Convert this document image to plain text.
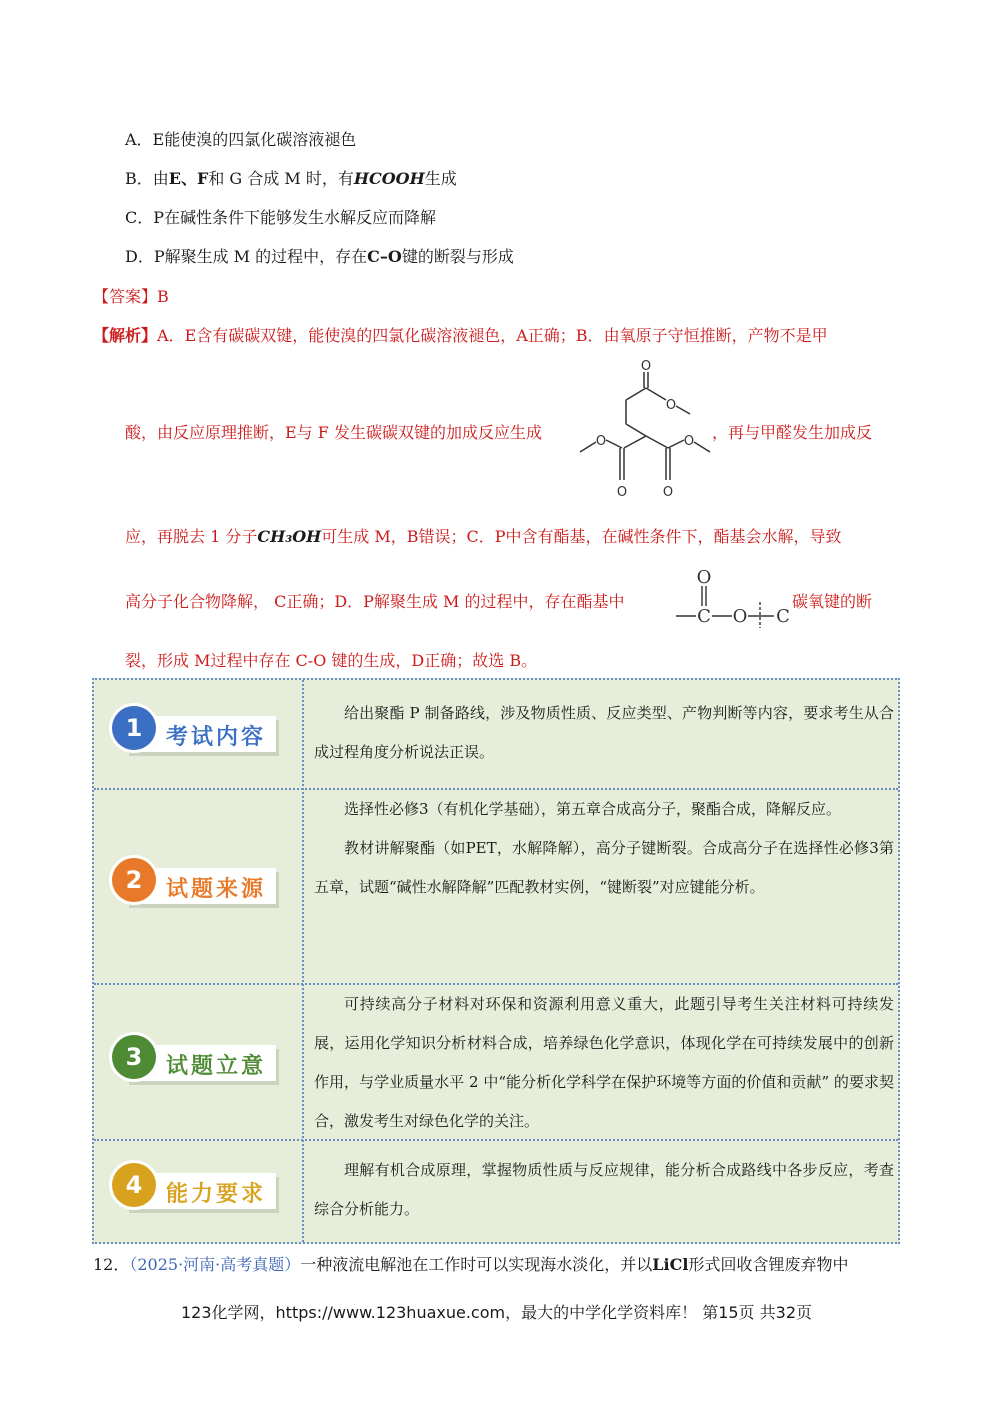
A．E能使溴的四氯化碳溶液褪色
B．由E、F和 G 合成 M 时，有HCOOH生成
C．P在碱性条件下能够发生水解反应而降解
D．P解聚生成 M 的过程中，存在C–O键的断裂与形成
【答案】B
【解析】A．E含有碳碳双键，能使溴的四氯化碳溶液褪色，A正确；B．由氧原子守恒推断，产物不是甲
酸，由反应原理推断，E与 F 发生碳碳双键的加成反应生成
O
O
O	O
O	O
，再与甲醛发生加成反
应，再脱去 1 分子CH₃OH可生成 M，B错误；C．P中含有酯基，在碱性条件下，酯基会水解，导致
高分子化合物降解， C正确；D．P解聚生成 M 的过程中，存在酯基中
O
C O C
碳氧键的断
裂，形成 M过程中存在 C-O 键的生成，D正确；故选 B。
1	考试内容

给出聚酯 P 制备路线，涉及物质性质、反应类型、产物判断等内容，要求考生从合成过程角度分析说法正误。

2	试题来源

选择性必修3（有机化学基础），第五章合成高分子，聚酯合成，降解反应。

教材讲解聚酯（如PET，水解降解），高分子键断裂。合成高分子在选择性必修3第五章，试题“碱性水解降解”匹配教材实例，“键断裂”对应键能分析。

3	试题立意

可持续高分子材料对环保和资源利用意义重大，此题引导考生关注材料可持续发展，运用化学知识分析材料合成，培养绿色化学意识，体现化学在可持续发展中的创新作用，与学业质量水平 2 中“能分析化学科学在保护环境等方面的价值和贡献” 的要求契合，激发考生对绿色化学的关注。

4	能力要求

理解有机合成原理，掌握物质性质与反应规律，能分析合成路线中各步反应，考查综合分析能力。

12．（2025·河南·高考真题）一种液流电解池在工作时可以实现海水淡化，并以LiCl形式回收含锂废弃物中
123化学网，https://www.123huaxue.com，最大的中学化学资料库！ 第15页 共32页
